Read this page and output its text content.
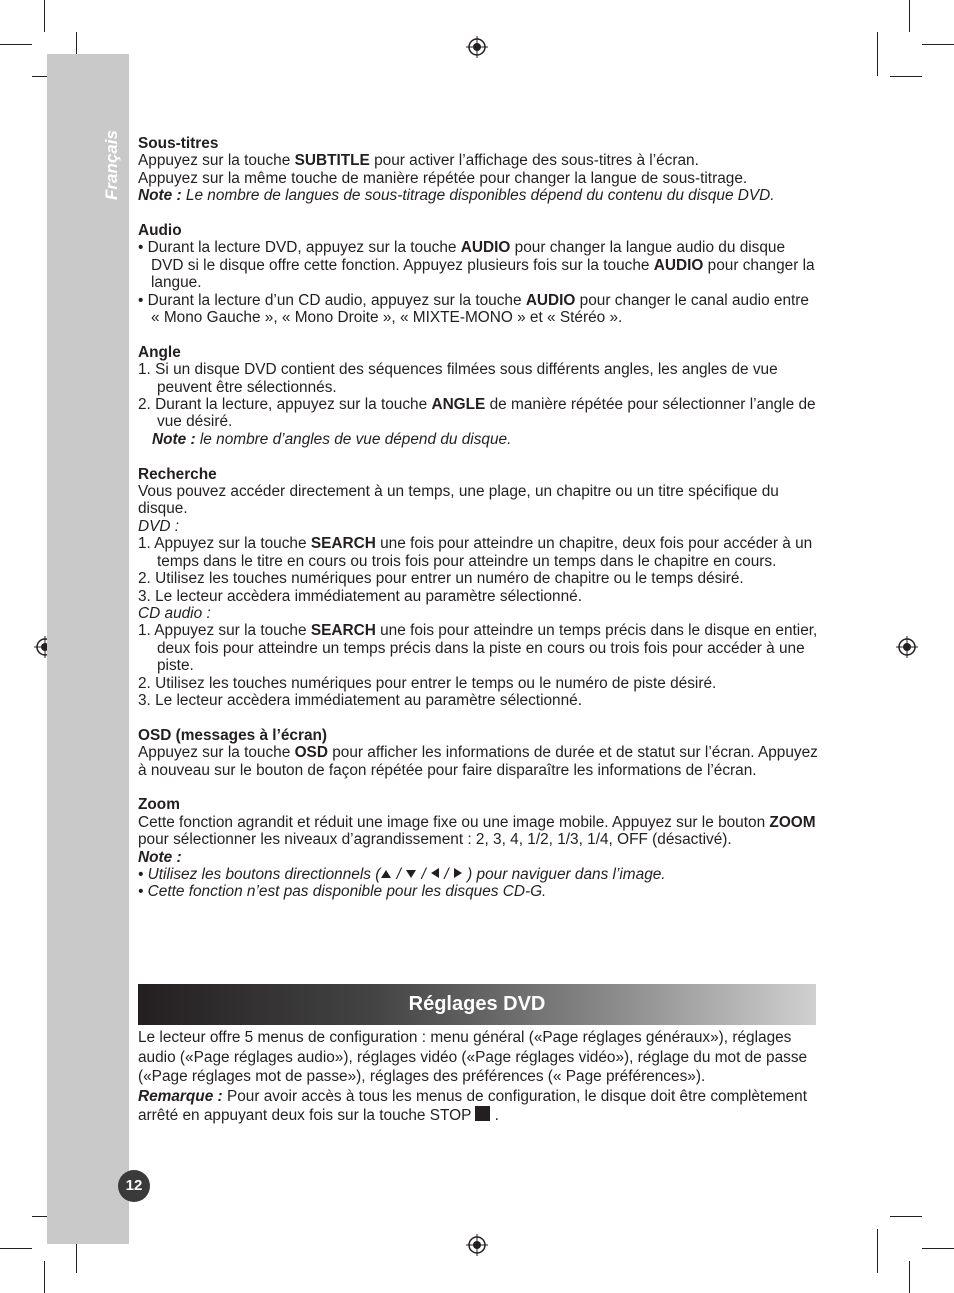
Français
12

Sous-titres

Appuyez sur la touche SUBTITLE pour activer l’affichage des sous-titres à l’écran.

Appuyez sur la même touche de manière répétée pour changer la langue de sous-titrage.

Note : Le nombre de langues de sous-titrage disponibles dépend du contenu du disque DVD.

Audio

• Durant la lecture DVD, appuyez sur la touche AUDIO pour changer la langue audio du disque DVD si le disque offre cette fonction. Appuyez plusieurs fois sur la touche AUDIO pour changer la langue.

• Durant la lecture d’un CD audio, appuyez sur la touche AUDIO pour changer le canal audio entre « Mono Gauche », « Mono Droite », « MIXTE-MONO » et « Stéréo ».

Angle

1. Si un disque DVD contient des séquences filmées sous différents angles, les angles de vue peuvent être sélectionnés.

2. Durant la lecture, appuyez sur la touche ANGLE de manière répétée pour sélectionner l’angle de vue désiré.

Note : le nombre d’angles de vue dépend du disque.

Recherche

Vous pouvez accéder directement à un temps, une plage, un chapitre ou un titre spécifique du disque.

DVD :

1. Appuyez sur la touche SEARCH une fois pour atteindre un chapitre, deux fois pour accéder à un temps dans le titre en cours ou trois fois pour atteindre un temps dans le chapitre en cours.

2. Utilisez les touches numériques pour entrer un numéro de chapitre ou le temps désiré.

3. Le lecteur accèdera immédiatement au paramètre sélectionné.

CD audio :

1. Appuyez sur la touche SEARCH une fois pour atteindre un temps précis dans le disque en entier, deux fois pour atteindre un temps précis dans la piste en cours ou trois fois pour accéder à une piste.

2. Utilisez les touches numériques pour entrer le temps ou le numéro de piste désiré.

3. Le lecteur accèdera immédiatement au paramètre sélectionné.

OSD (messages à l’écran)

Appuyez sur la touche OSD pour afficher les informations de durée et de statut sur l’écran. Appuyez à nouveau sur le bouton de façon répétée pour faire disparaître les informations de l’écran.

Zoom

Cette fonction agrandit et réduit une image fixe ou une image mobile. Appuyez sur le bouton ZOOM pour sélectionner les niveaux d’agrandissement : 2, 3, 4, 1/2, 1/3, 1/4, OFF (désactivé).

Note :

• Utilisez les boutons directionnels ( /  /  /  ) pour naviguer dans l’image.

• Cette fonction n’est pas disponible pour les disques CD-G.

Réglages DVD

Le lecteur offre 5 menus de configuration : menu général («Page réglages généraux»), réglages audio («Page réglages audio»), réglages vidéo («Page réglages vidéo»), réglage du mot de passe («Page réglages mot de passe»), réglages des préférences (« Page préférences»).

Remarque : Pour avoir accès à tous les menus de configuration, le disque doit être complètement arrêté en appuyant deux fois sur la touche STOP  .
